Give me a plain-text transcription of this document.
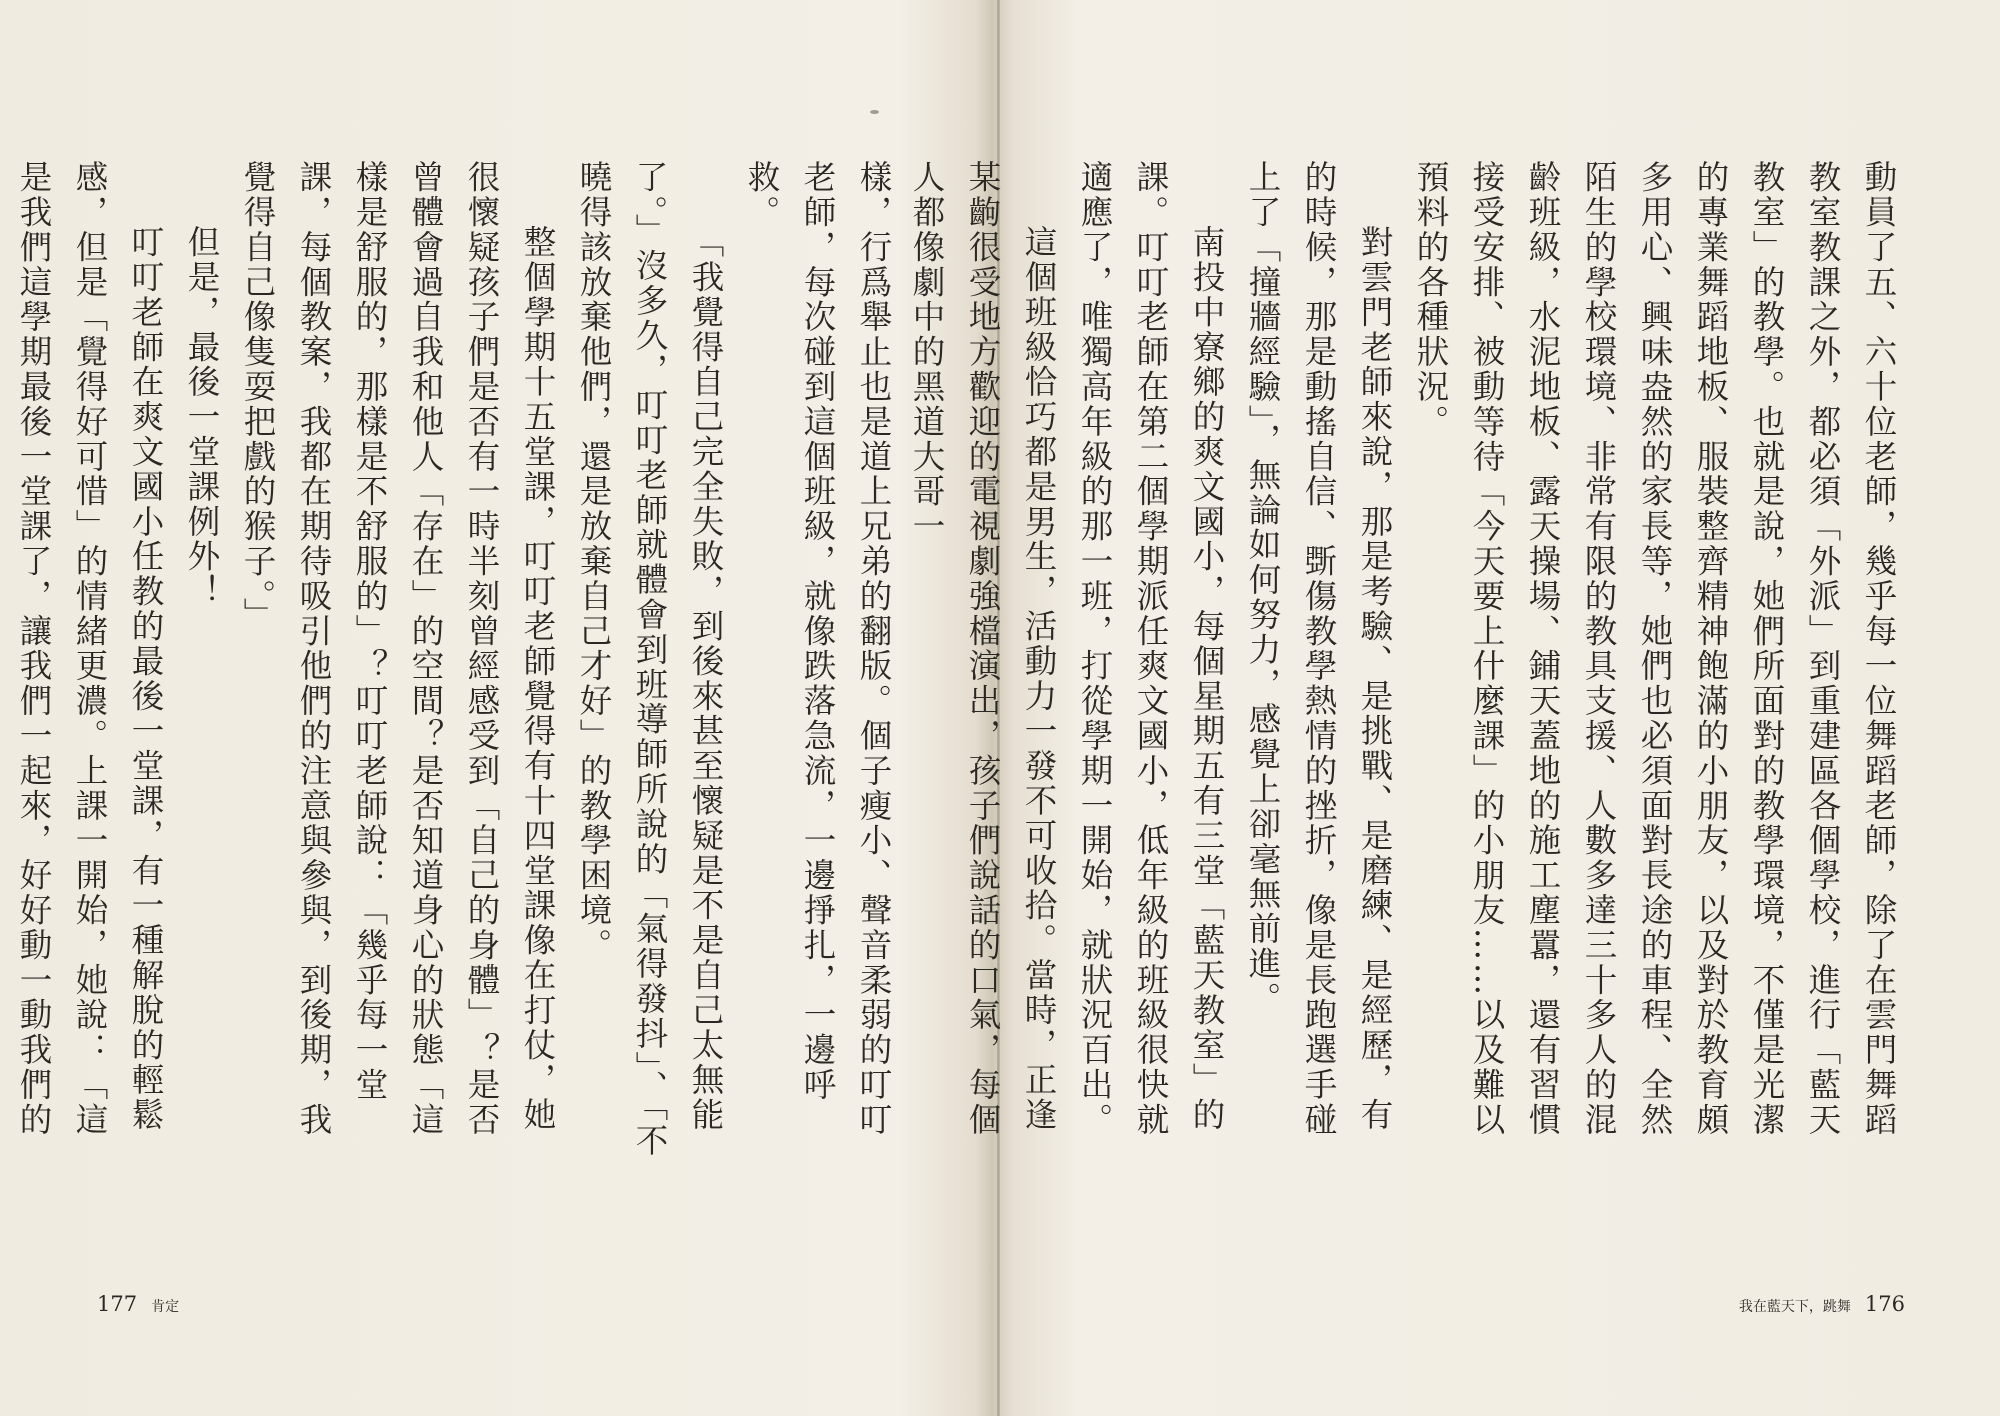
樣，行爲舉止也是道上兄弟的翻版。個子瘦小、聲音柔弱的叮叮老師，每次碰到這個班級，就像跌落急流，一邊掙扎，一邊呼救。

「我覺得自己完全失敗，到後來甚至懷疑是不是自己太無能了。」沒多久，叮叮老師就體會到班導師所說的「氣得發抖」、「不曉得該放棄他們，還是放棄自己才好」的教學困境。

整個學期十五堂課，叮叮老師覺得有十四堂課像在打仗，她很懷疑孩子們是否有一時半刻曾經感受到「自己的身體」？是否曾體會過自我和他人「存在」的空間？是否知道身心的狀態「這樣是舒服的，那樣是不舒服的」？叮叮老師說：「幾乎每一堂課，每個教案，我都在期待吸引他們的注意與參與，到後期，我覺得自己像隻耍把戲的猴子。」

但是，最後一堂課例外！

叮叮老師在爽文國小任教的最後一堂課，有一種解脫的輕鬆感，但是「覺得好可惜」的情緒更濃。上課一開始，她說：「這是我們這學期最後一堂課了，讓我們一起來，好好動一動我們的

177 肯定

動員了五、六十位老師，幾乎每一位舞蹈老師，除了在雲門舞蹈教室教課之外，都必須「外派」到重建區各個學校，進行「藍天教室」的教學。也就是說，她們所面對的教學環境，不僅是光潔的專業舞蹈地板、服裝整齊精神飽滿的小朋友，以及對於教育頗多用心、興味盎然的家長等，她們也必須面對長途的車程、全然陌生的學校環境、非常有限的教具支援、人數多達三十多人的混齡班級，水泥地板、露天操場、鋪天蓋地的施工塵囂，還有習慣接受安排、被動等待「今天要上什麼課」的小朋友……以及難以預料的各種狀況。

對雲門老師來說，那是考驗、是挑戰、是磨練、是經歷，有的時候，那是動搖自信、斲傷教學熱情的挫折，像是長跑選手碰上了「撞牆經驗」，無論如何努力，感覺上卻毫無前進。

南投中寮鄉的爽文國小，每個星期五有三堂「藍天教室」的課。叮叮老師在第二個學期派任爽文國小，低年級的班級很快就適應了，唯獨高年級的那一班，打從學期一開始，就狀況百出。

這個班級恰巧都是男生，活動力一發不可收拾。當時，正逢某齣很受地方歡迎的電視劇強檔演出，孩子們說話的口氣，每個人都像劇中的黑道大哥一

我在藍天下，跳舞 176
